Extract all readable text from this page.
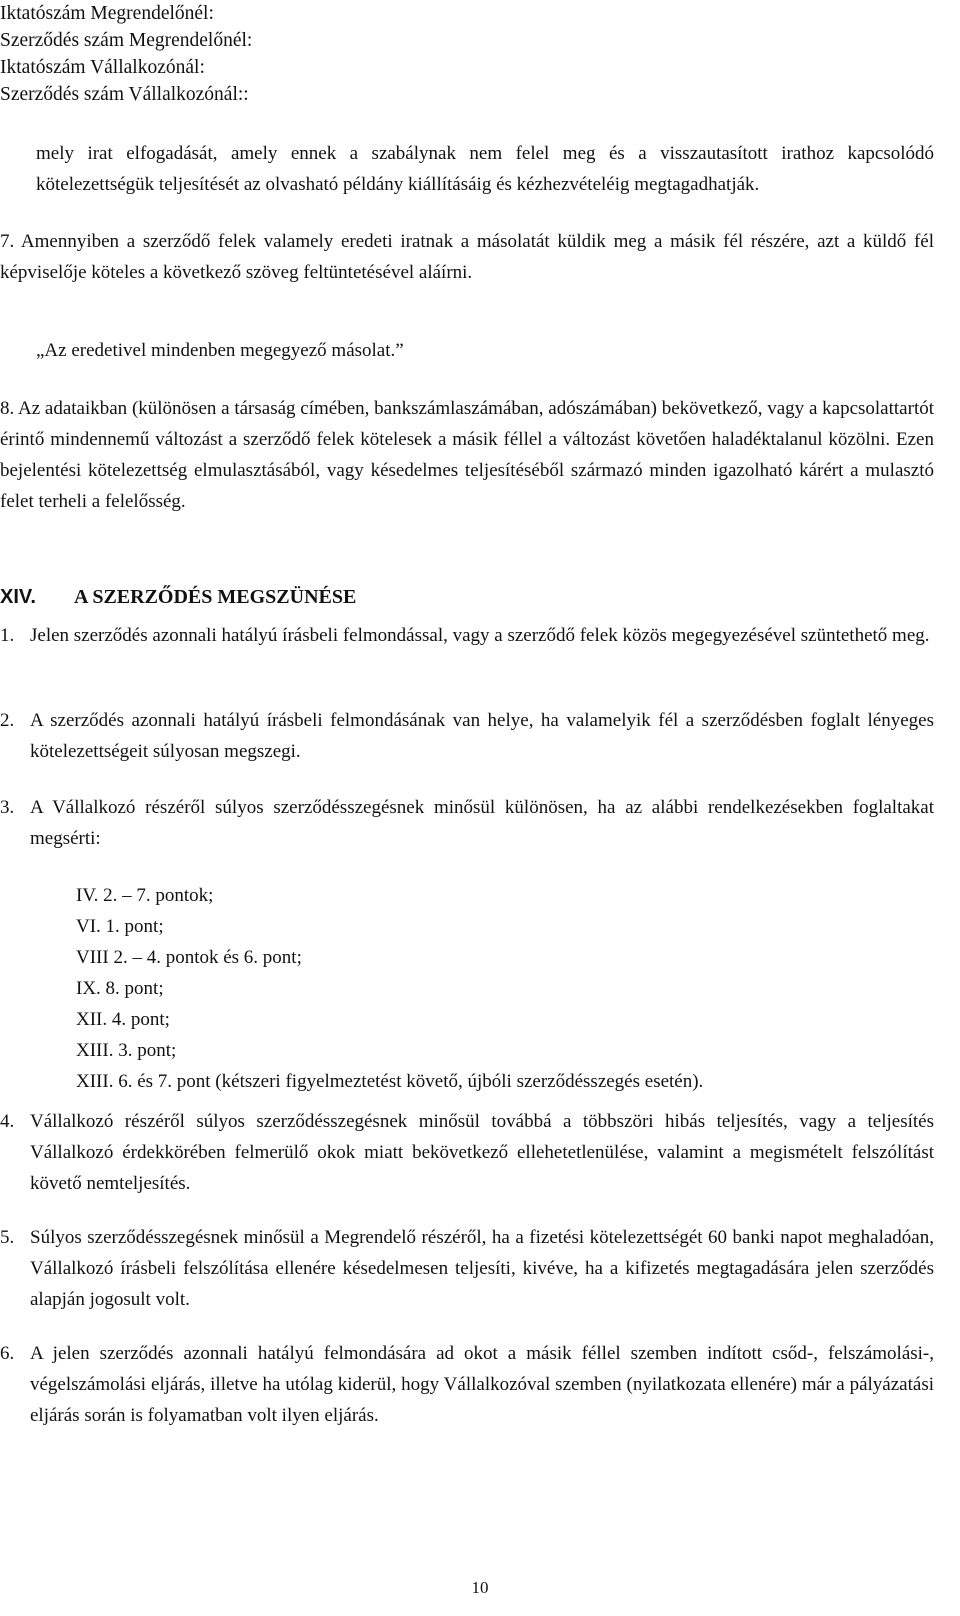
Iktatószám Megrendelőnél:
Szerződés szám Megrendelőnél:
Iktatószám Vállalkozónál:
Szerződés szám Vállalkozónál::
mely irat elfogadását, amely ennek a szabálynak nem felel meg és a visszautasított irathoz kapcsolódó kötelezettségük teljesítését az olvasható példány kiállításáig és kézhezvételéig megtagadhatják.
7. Amennyiben a szerződő felek valamely eredeti iratnak a másolatát küldik meg a másik fél részére, azt a küldő fél képviselője köteles a következő szöveg feltüntetésével aláírni.
„Az eredetivel mindenben megegyező másolat.”
8. Az adataikban (különösen a társaság címében, bankszámlaszámában, adószámában) bekövetkező, vagy a kapcsolattartót érintő mindennemű változást a szerződő felek kötelesek a másik féllel a változást követően haladéktalanul közölni. Ezen bejelentési kötelezettség elmulasztásából, vagy késedelmes teljesítéséből származó minden igazolható kárért a mulasztó felet terheli a felelősség.
XIV. A SZERZŐDÉS MEGSZÜNÉSE
1. Jelen szerződés azonnali hatályú írásbeli felmondással, vagy a szerződő felek közös megegyezésével szüntethető meg.
2. A szerződés azonnali hatályú írásbeli felmondásának van helye, ha valamelyik fél a szerződésben foglalt lényeges kötelezettségeit súlyosan megszegi.
3. A Vállalkozó részéről súlyos szerződésszegésnek minősül különösen, ha az alábbi rendelkezésekben foglaltakat megsérti:
IV. 2. – 7. pontok;
VI. 1. pont;
VIII 2. – 4. pontok és 6. pont;
IX. 8. pont;
XII. 4. pont;
XIII. 3. pont;
XIII. 6. és 7. pont (kétszeri figyelmeztetést követő, újbóli szerződésszegés esetén).
4. Vállalkozó részéről súlyos szerződésszegésnek minősül továbbá a többszöri hibás teljesítés, vagy a teljesítés Vállalkozó érdekkörében felmerülő okok miatt bekövetkező ellehetetlenülése, valamint a megismételt felszólítást követő nemteljesítés.
5. Súlyos szerződésszegésnek minősül a Megrendelő részéről, ha a fizetési kötelezettségét 60 banki napot meghaladóan, Vállalkozó írásbeli felszólítása ellenére késedelmesen teljesíti, kivéve, ha a kifizetés megtagadására jelen szerződés alapján jogosult volt.
6. A jelen szerződés azonnali hatályú felmondására ad okot a másik féllel szemben indított csőd-, felszámolási-, végelszámolási eljárás, illetve ha utólag kiderül, hogy Vállalkozóval szemben (nyilatkozata ellenére) már a pályázatási eljárás során is folyamatban volt ilyen eljárás.
10
